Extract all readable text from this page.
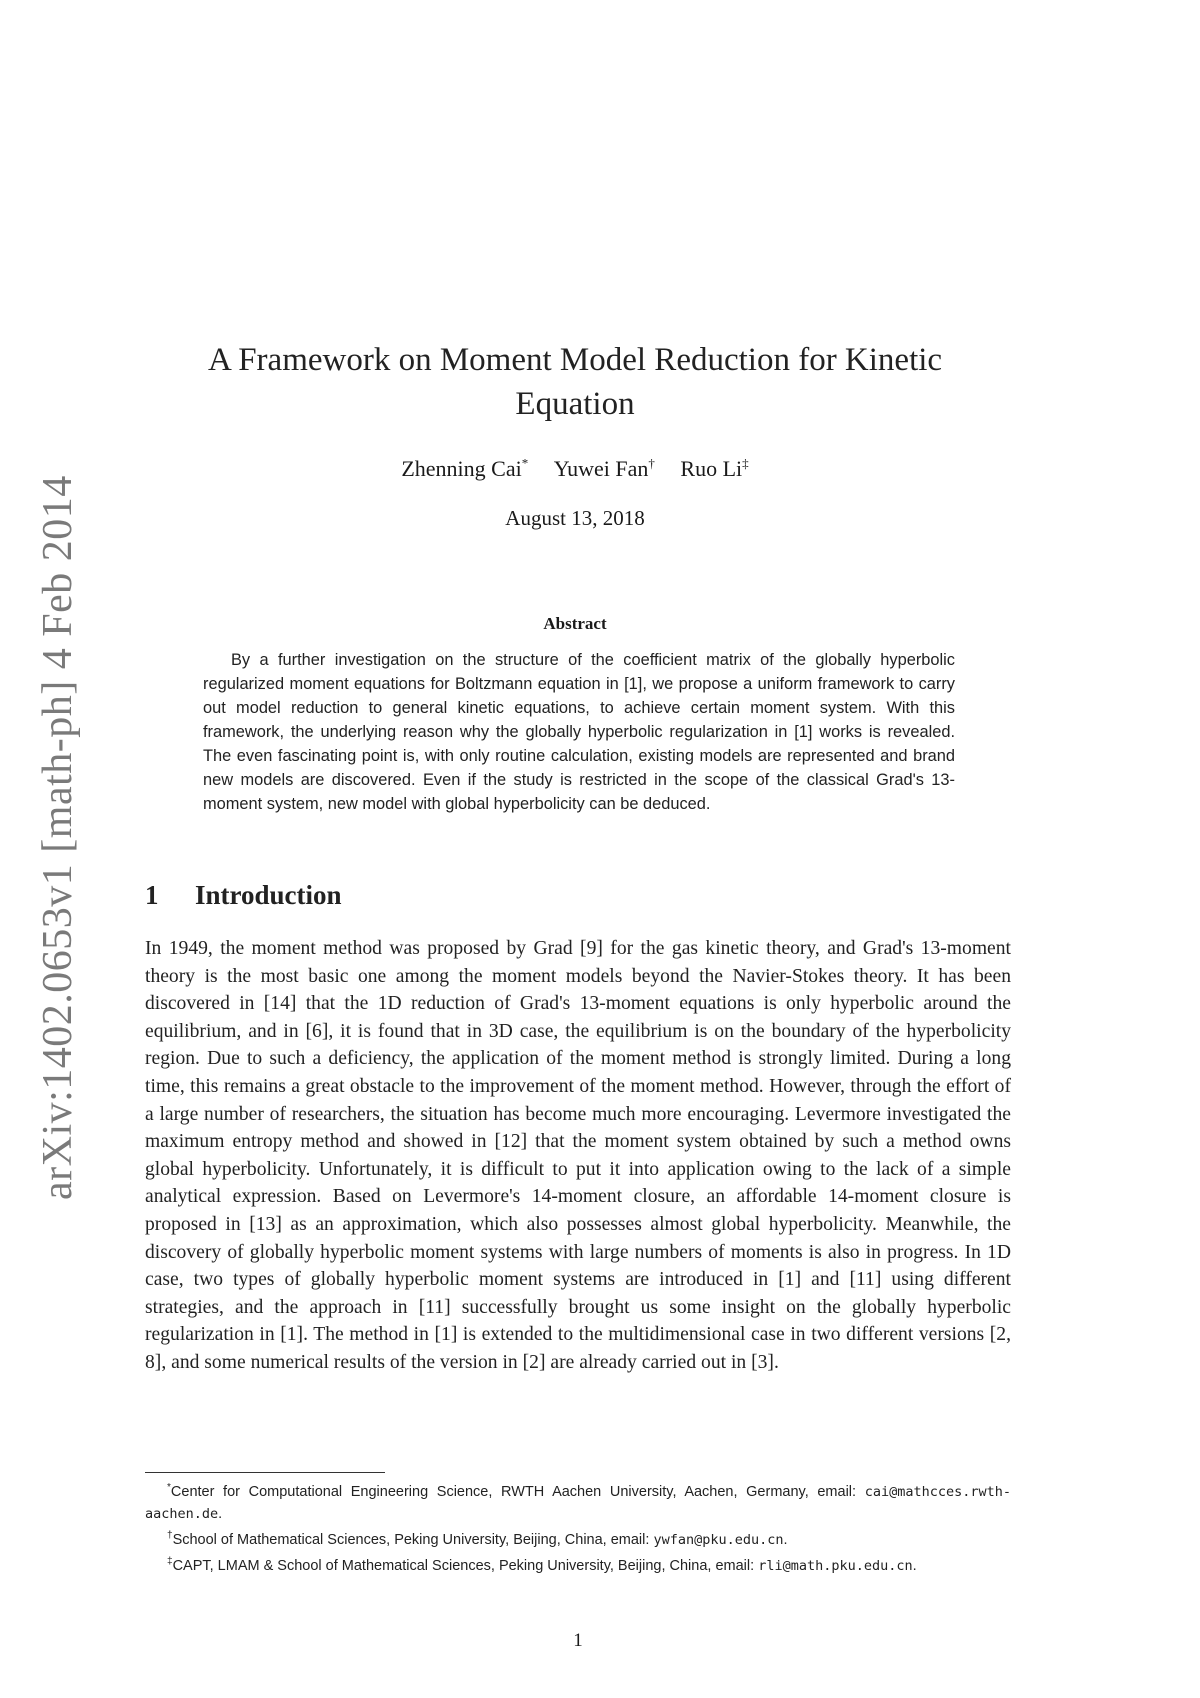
arXiv:1402.0653v1 [math-ph] 4 Feb 2014
A Framework on Moment Model Reduction for Kinetic Equation
Zhenning Cai* Yuwei Fan† Ruo Li‡
August 13, 2018
Abstract
By a further investigation on the structure of the coefficient matrix of the globally hyperbolic regularized moment equations for Boltzmann equation in [1], we propose a uniform framework to carry out model reduction to general kinetic equations, to achieve certain moment system. With this framework, the underlying reason why the globally hyperbolic regularization in [1] works is revealed. The even fascinating point is, with only routine calculation, existing models are represented and brand new models are discovered. Even if the study is restricted in the scope of the classical Grad's 13-moment system, new model with global hyperbolicity can be deduced.
1 Introduction
In 1949, the moment method was proposed by Grad [9] for the gas kinetic theory, and Grad's 13-moment theory is the most basic one among the moment models beyond the Navier-Stokes theory. It has been discovered in [14] that the 1D reduction of Grad's 13-moment equations is only hyperbolic around the equilibrium, and in [6], it is found that in 3D case, the equilibrium is on the boundary of the hyperbolicity region. Due to such a deficiency, the application of the moment method is strongly limited. During a long time, this remains a great obstacle to the improvement of the moment method. However, through the effort of a large number of researchers, the situation has become much more encouraging. Levermore investigated the maximum entropy method and showed in [12] that the moment system obtained by such a method owns global hyperbolicity. Unfortunately, it is difficult to put it into application owing to the lack of a simple analytical expression. Based on Levermore's 14-moment closure, an affordable 14-moment closure is proposed in [13] as an approximation, which also possesses almost global hyperbolicity. Meanwhile, the discovery of globally hyperbolic moment systems with large numbers of moments is also in progress. In 1D case, two types of globally hyperbolic moment systems are introduced in [1] and [11] using different strategies, and the approach in [11] successfully brought us some insight on the globally hyperbolic regularization in [1]. The method in [1] is extended to the multidimensional case in two different versions [2, 8], and some numerical results of the version in [2] are already carried out in [3].
*Center for Computational Engineering Science, RWTH Aachen University, Aachen, Germany, email: cai@mathcces.rwth-aachen.de.
†School of Mathematical Sciences, Peking University, Beijing, China, email: ywfan@pku.edu.cn.
‡CAPT, LMAM & School of Mathematical Sciences, Peking University, Beijing, China, email: rli@math.pku.edu.cn.
1
